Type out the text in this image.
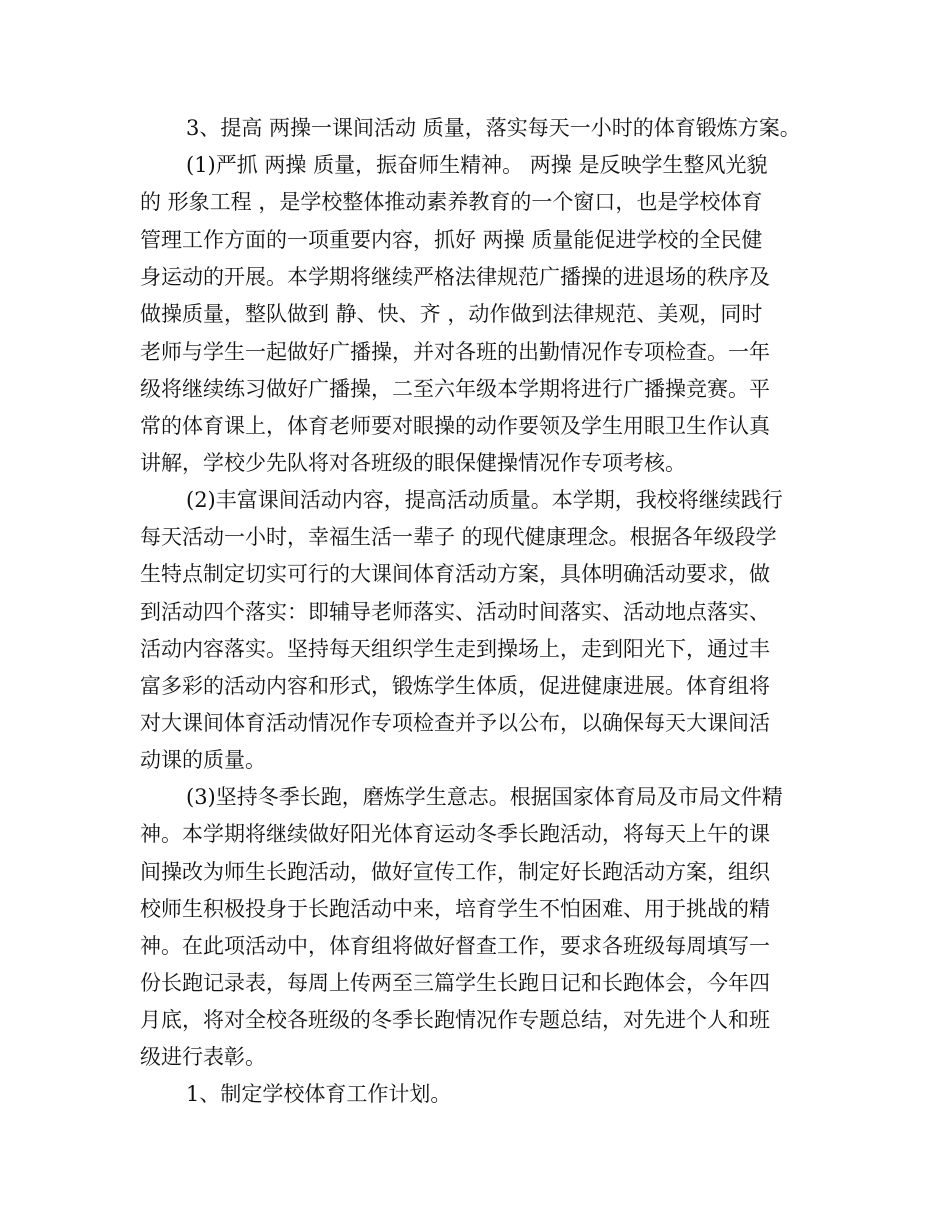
3、提高 两操一课间活动 质量，落实每天一小时的体育锻炼方案。
(1)严抓 两操 质量，振奋师生精神。 两操 是反映学生整风光貌
的 形象工程 ，是学校整体推动素养教育的一个窗口，也是学校体育
管理工作方面的一项重要内容，抓好 两操 质量能促进学校的全民健
身运动的开展。本学期将继续严格法律规范广播操的进退场的秩序及
做操质量，整队做到 静、快、齐 ，动作做到法律规范、美观，同时
老师与学生一起做好广播操，并对各班的出勤情况作专项检查。一年
级将继续练习做好广播操，二至六年级本学期将进行广播操竞赛。平
常的体育课上，体育老师要对眼操的动作要领及学生用眼卫生作认真
讲解，学校少先队将对各班级的眼保健操情况作专项考核。
(2)丰富课间活动内容，提高活动质量。本学期，我校将继续践行
每天活动一小时，幸福生活一辈子 的现代健康理念。根据各年级段学
生特点制定切实可行的大课间体育活动方案，具体明确活动要求，做
到活动四个落实：即辅导老师落实、活动时间落实、活动地点落实、
活动内容落实。坚持每天组织学生走到操场上，走到阳光下，通过丰
富多彩的活动内容和形式，锻炼学生体质，促进健康进展。体育组将
对大课间体育活动情况作专项检查并予以公布，以确保每天大课间活
动课的质量。
(3)坚持冬季长跑，磨炼学生意志。根据国家体育局及市局文件精
神。本学期将继续做好阳光体育运动冬季长跑活动，将每天上午的课
间操改为师生长跑活动，做好宣传工作，制定好长跑活动方案，组织
校师生积极投身于长跑活动中来，培育学生不怕困难、用于挑战的精
神。在此项活动中，体育组将做好督查工作，要求各班级每周填写一
份长跑记录表，每周上传两至三篇学生长跑日记和长跑体会，今年四
月底，将对全校各班级的冬季长跑情况作专题总结，对先进个人和班
级进行表彰。
1、制定学校体育工作计划。
